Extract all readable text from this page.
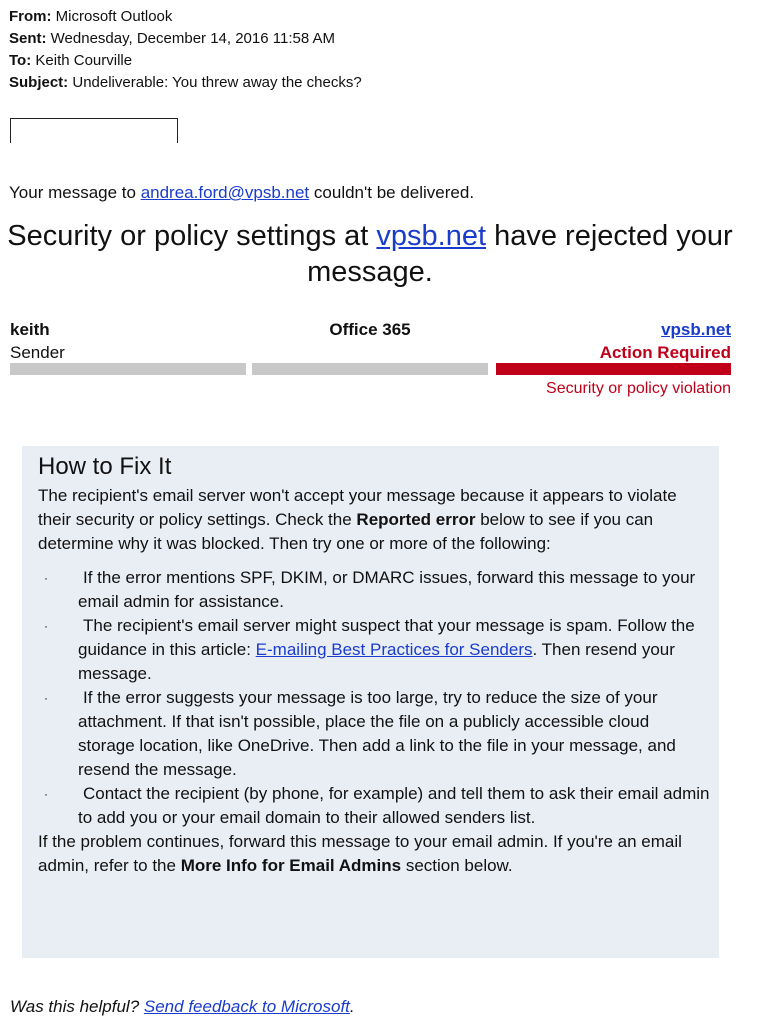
From: Microsoft Outlook
Sent: Wednesday, December 14, 2016 11:58 AM
To: Keith Courville
Subject: Undeliverable: You threw away the checks?
Your message to andrea.ford@vpsb.net couldn't be delivered.
Security or policy settings at vpsb.net have rejected your message.
keith
Sender
Office 365	vpsb.net
Action Required
Security or policy violation
How to Fix It

The recipient's email server won't accept your message because it appears to violate their security or policy settings. Check the Reported error below to see if you can determine why it was blocked. Then try one or more of the following:

· If the error mentions SPF, DKIM, or DMARC issues, forward this message to your email admin for assistance.
· The recipient's email server might suspect that your message is spam. Follow the guidance in this article: E-mailing Best Practices for Senders. Then resend your message.
· If the error suggests your message is too large, try to reduce the size of your attachment. If that isn't possible, place the file on a publicly accessible cloud storage location, like OneDrive. Then add a link to the file in your message, and resend the message.
· Contact the recipient (by phone, for example) and tell them to ask their email admin to add you or your email domain to their allowed senders list.

If the problem continues, forward this message to your email admin. If you're an email admin, refer to the More Info for Email Admins section below.

Was this helpful? Send feedback to Microsoft.
